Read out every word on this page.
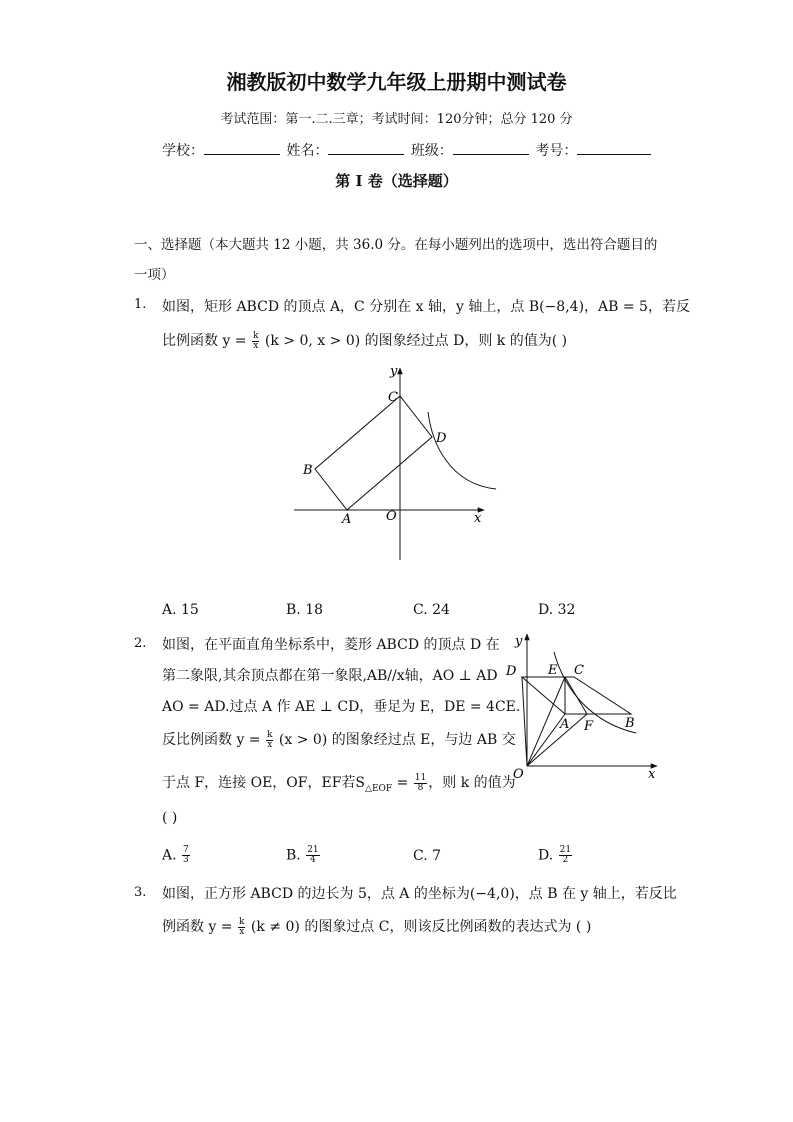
湘教版初中数学九年级上册期中测试卷
考试范围：第一.二.三章；考试时间：120分钟；总分 120 分
学校：	姓名：	班级：	考号：
第 I 卷（选择题）
一、选择题（本大题共 12 小题，共 36.0 分。在每小题列出的选项中，选出符合题目的
一项）
1. 如图，矩形 ABCD 的顶点 A，C 分别在 x 轴，y 轴上，点 B(−8,4)，AB = 5，若反
比例函数 $y = \frac{k}{x} (k > 0$, x > 0) 的图象经过点 D，则 k 的值为( )
y
x
O
A
B
C
D
A. 15	B. 18	C. 24	D. 32
2. 如图，在平面直角坐标系中，菱形 ABCD 的顶点 D 在
第二象限,其余顶点都在第一象限,AB//x轴，AO ⊥ AD
AO = AD.过点 A 作 AE ⊥ CD，垂足为 E，DE = 4CE.
反比例函数 $y = \frac{k}{x} (x > 0)$ 的图象经过点 E，与边 AB 交
于点 F，连接 OE，OF，EF若$S_{\triangle EOF} = \frac{11}{8}$ ，则 k 的值为
( )
y
x
O
D E C
A F B
A. $\frac{7}{3}$	B. $\frac{21}{4}$	C. 7	D. $\frac{21}{2}$
3. 如图，正方形 ABCD 的边长为 5，点 A 的坐标为(−4,0)，点 B 在 y 轴上，若反比
例函数 $y = \frac{k}{x} (k \ne 0)$ 的图象过点 C，则该反比例函数的表达式为 ( )
